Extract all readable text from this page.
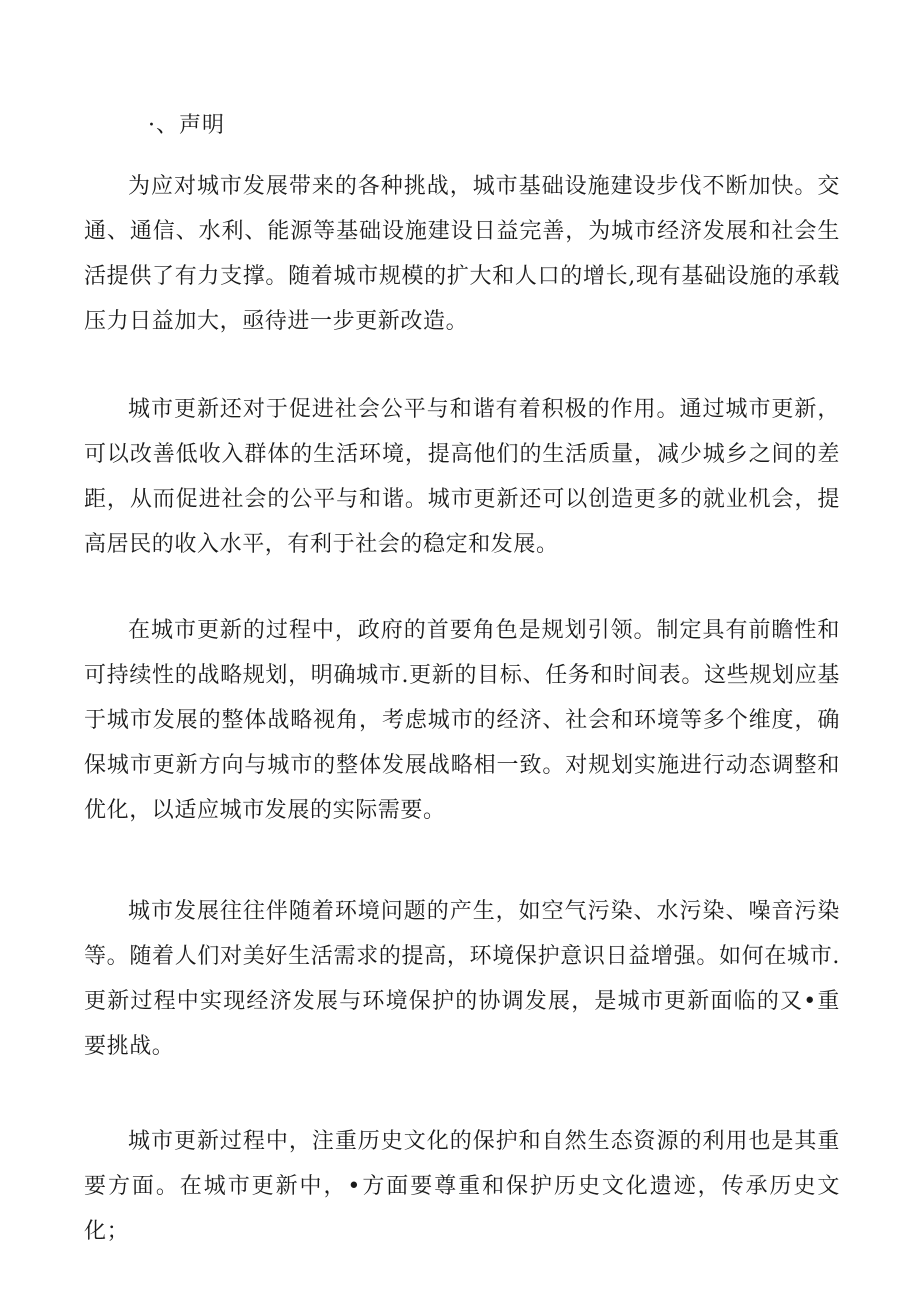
·、声明

为应对城市发展带来的各种挑战，城市基础设施建设步伐不断加快。交通、通信、水利、能源等基础设施建设日益完善，为城市经济发展和社会生活提供了有力支撑。随着城市规模的扩大和人口的增长,现有基础设施的承载压力日益加大，亟待进一步更新改造。

城市更新还对于促进社会公平与和谐有着积极的作用。通过城市更新，可以改善低收入群体的生活环境，提高他们的生活质量，减少城乡之间的差距，从而促进社会的公平与和谐。城市更新还可以创造更多的就业机会，提高居民的收入水平，有利于社会的稳定和发展。

在城市更新的过程中，政府的首要角色是规划引领。制定具有前瞻性和可持续性的战略规划，明确城市.更新的目标、任务和时间表。这些规划应基于城市发展的整体战略视角，考虑城市的经济、社会和环境等多个维度，确保城市更新方向与城市的整体发展战略相一致。对规划实施进行动态调整和优化，以适应城市发展的实际需要。

城市发展往往伴随着环境问题的产生，如空气污染、水污染、噪音污染等。随着人们对美好生活需求的提高，环境保护意识日益增强。如何在城市.更新过程中实现经济发展与环境保护的协调发展，是城市更新面临的又•重要挑战。

城市更新过程中，注重历史文化的保护和自然生态资源的利用也是其重要方面。在城市更新中，•方面要尊重和保护历史文化遗迹，传承历史文化；
